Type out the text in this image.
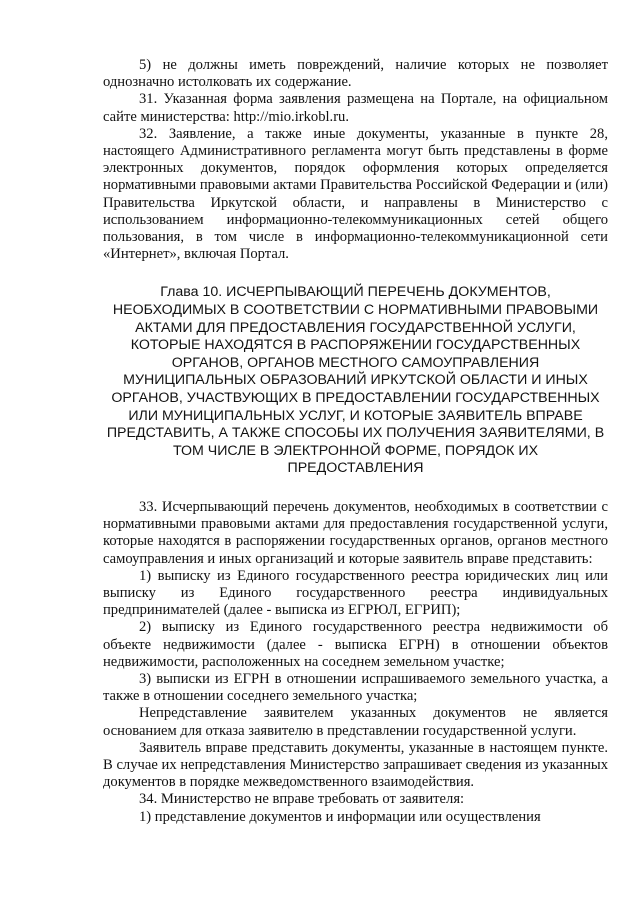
5) не должны иметь повреждений, наличие которых не позволяет однозначно истолковать их содержание.

31. Указанная форма заявления размещена на Портале, на официальном сайте министерства: http://mio.irkobl.ru.

32. Заявление, а также иные документы, указанные в пункте 28, настоящего Административного регламента могут быть представлены в форме электронных документов, порядок оформления которых определяется нормативными правовыми актами Правительства Российской Федерации и (или) Правительства Иркутской области, и направлены в Министерство с использованием информационно-телекоммуникационных сетей общего пользования, в том числе в информационно-телекоммуникационной сети «Интернет», включая Портал.

Глава 10. ИСЧЕРПЫВАЮЩИЙ ПЕРЕЧЕНЬ ДОКУМЕНТОВ, НЕОБХОДИМЫХ В СООТВЕТСТВИИ С НОРМАТИВНЫМИ ПРАВОВЫМИ АКТАМИ ДЛЯ ПРЕДОСТАВЛЕНИЯ ГОСУДАРСТВЕННОЙ УСЛУГИ, КОТОРЫЕ НАХОДЯТСЯ В РАСПОРЯЖЕНИИ ГОСУДАРСТВЕННЫХ ОРГАНОВ, ОРГАНОВ МЕСТНОГО САМОУПРАВЛЕНИЯ МУНИЦИПАЛЬНЫХ ОБРАЗОВАНИЙ ИРКУТСКОЙ ОБЛАСТИ И ИНЫХ ОРГАНОВ, УЧАСТВУЮЩИХ В ПРЕДОСТАВЛЕНИИ ГОСУДАРСТВЕННЫХ ИЛИ МУНИЦИПАЛЬНЫХ УСЛУГ, И КОТОРЫЕ ЗАЯВИТЕЛЬ ВПРАВЕ ПРЕДСТАВИТЬ, А ТАКЖЕ СПОСОБЫ ИХ ПОЛУЧЕНИЯ ЗАЯВИТЕЛЯМИ, В ТОМ ЧИСЛЕ В ЭЛЕКТРОННОЙ ФОРМЕ, ПОРЯДОК ИХ ПРЕДОСТАВЛЕНИЯ

33. Исчерпывающий перечень документов, необходимых в соответствии с нормативными правовыми актами для предоставления государственной услуги, которые находятся в распоряжении государственных органов, органов местного самоуправления и иных организаций и которые заявитель вправе представить:

1) выписку из Единого государственного реестра юридических лиц или выписку из Единого государственного реестра индивидуальных предпринимателей (далее - выписка из ЕГРЮЛ, ЕГРИП);

2) выписку из Единого государственного реестра недвижимости об объекте недвижимости (далее - выписка ЕГРН) в отношении объектов недвижимости, расположенных на соседнем земельном участке;

3) выписки из ЕГРН в отношении испрашиваемого земельного участка, а также в отношении соседнего земельного участка;

Непредставление заявителем указанных документов не является основанием для отказа заявителю в представлении государственной услуги.

Заявитель вправе представить документы, указанные в настоящем пункте. В случае их непредставления Министерство запрашивает сведения из указанных документов в порядке межведомственного взаимодействия.

34. Министерство не вправе требовать от заявителя:

1) представление документов и информации или осуществления
